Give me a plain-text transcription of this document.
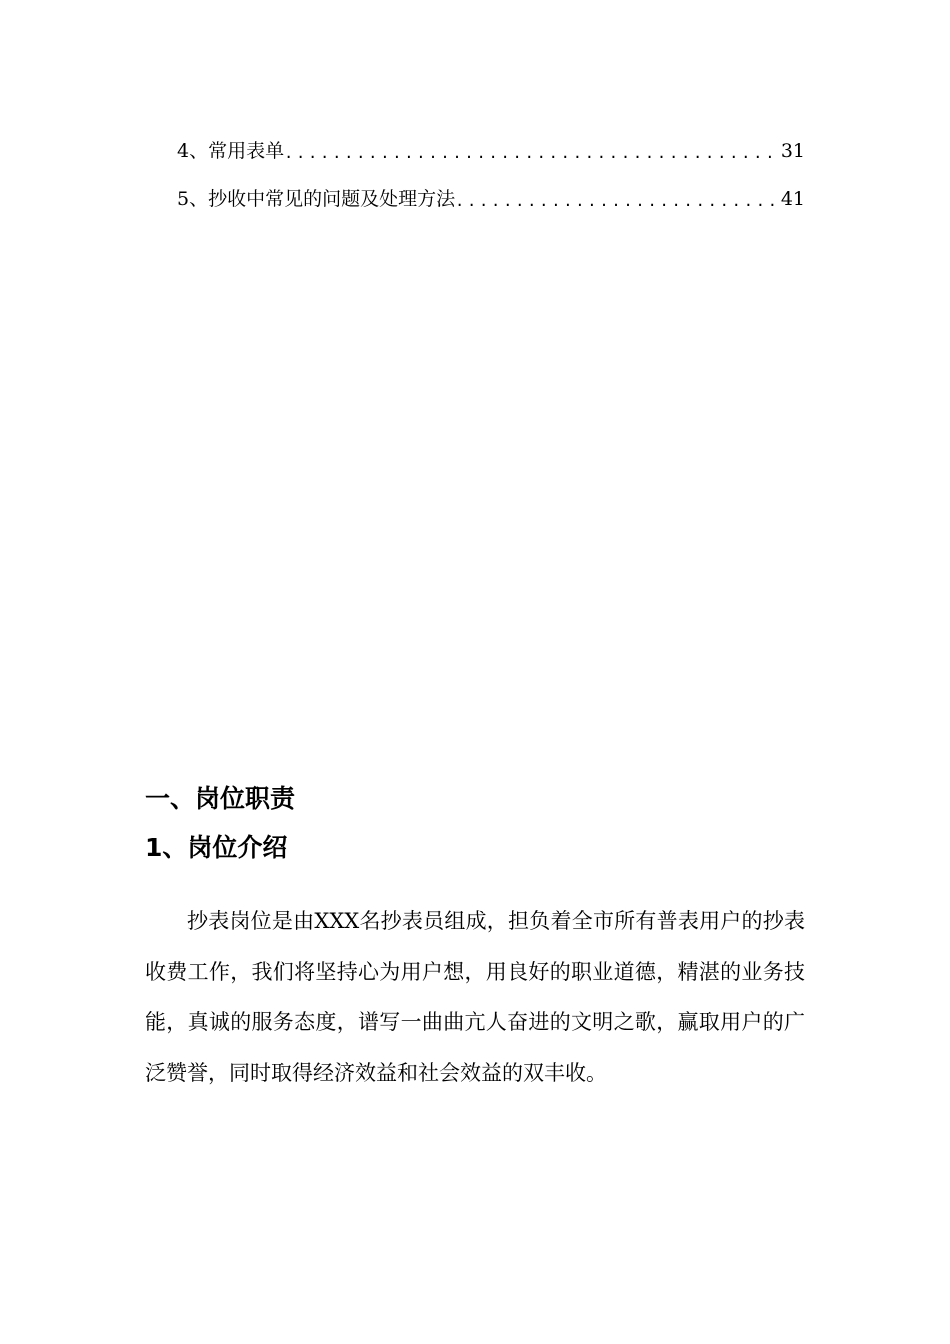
4、常用表单 .....	31
5、抄收中常见的问题及处理方法 .....	41
一、岗位职责
1、岗位介绍

抄表岗位是由XXX名抄表员组成，担负着全市所有普表用户的抄表收费工作，我们将坚持心为用户想，用良好的职业道德，精湛的业务技能，真诚的服务态度，谱写一曲曲亢人奋进的文明之歌，赢取用户的广泛赞誉，同时取得经济效益和社会效益的双丰收。
